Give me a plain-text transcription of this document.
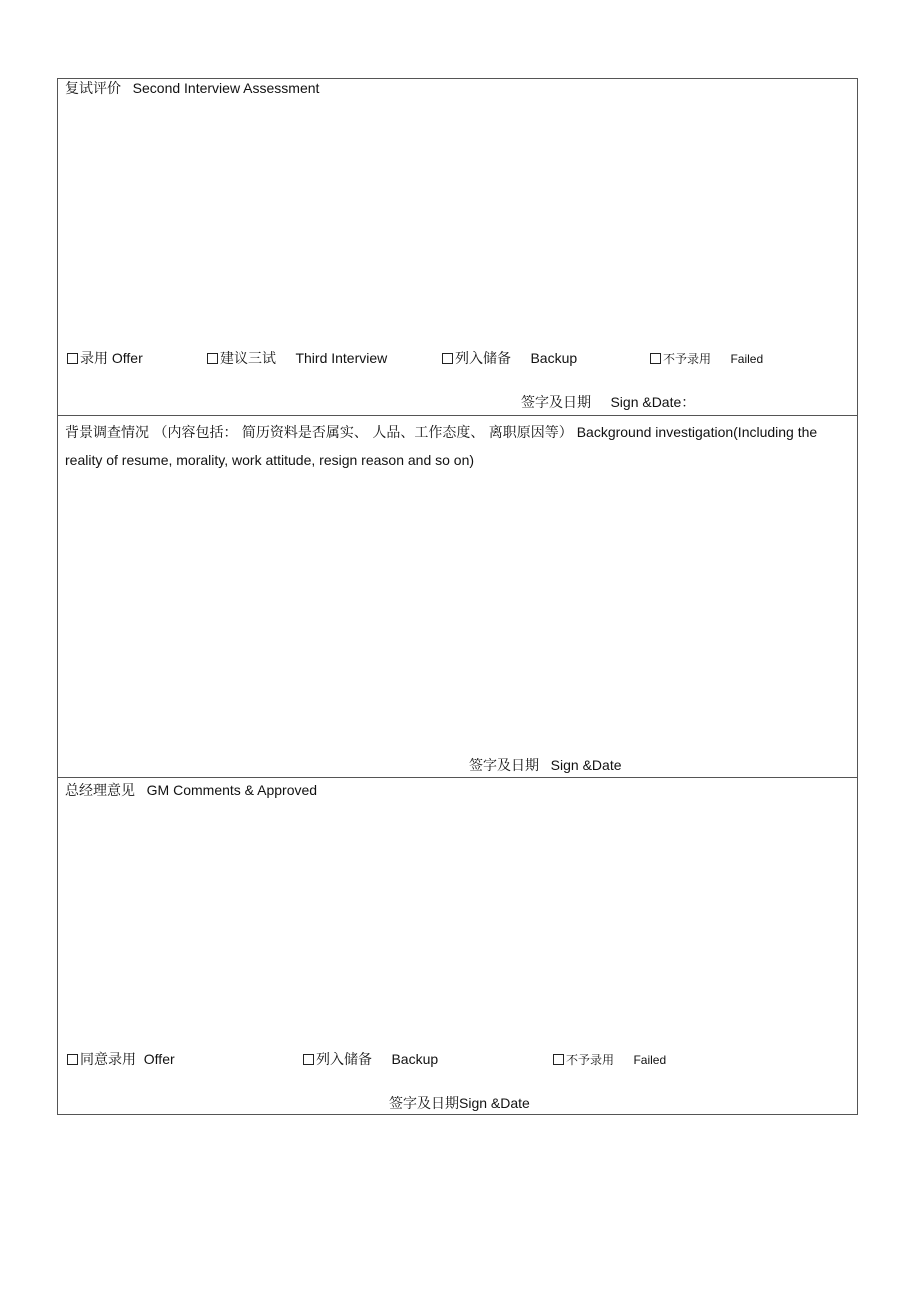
复试评价 Second Interview Assessment
录用 Offer	建议三试 Third Interview	列入储备 Backup	不予录用 Failed
签字及日期 Sign &Date：
背景调查情况 （内容包括： 简历资料是否属实、 人品、工作态度、 离职原因等） Background investigation(Including the reality of resume, morality, work attitude, resign reason and so on)
签字及日期 Sign &Date
总经理意见 GM Comments & Approved
同意录用 Offer	列入储备 Backup	不予录用 Failed
签字及日期Sign &Date
